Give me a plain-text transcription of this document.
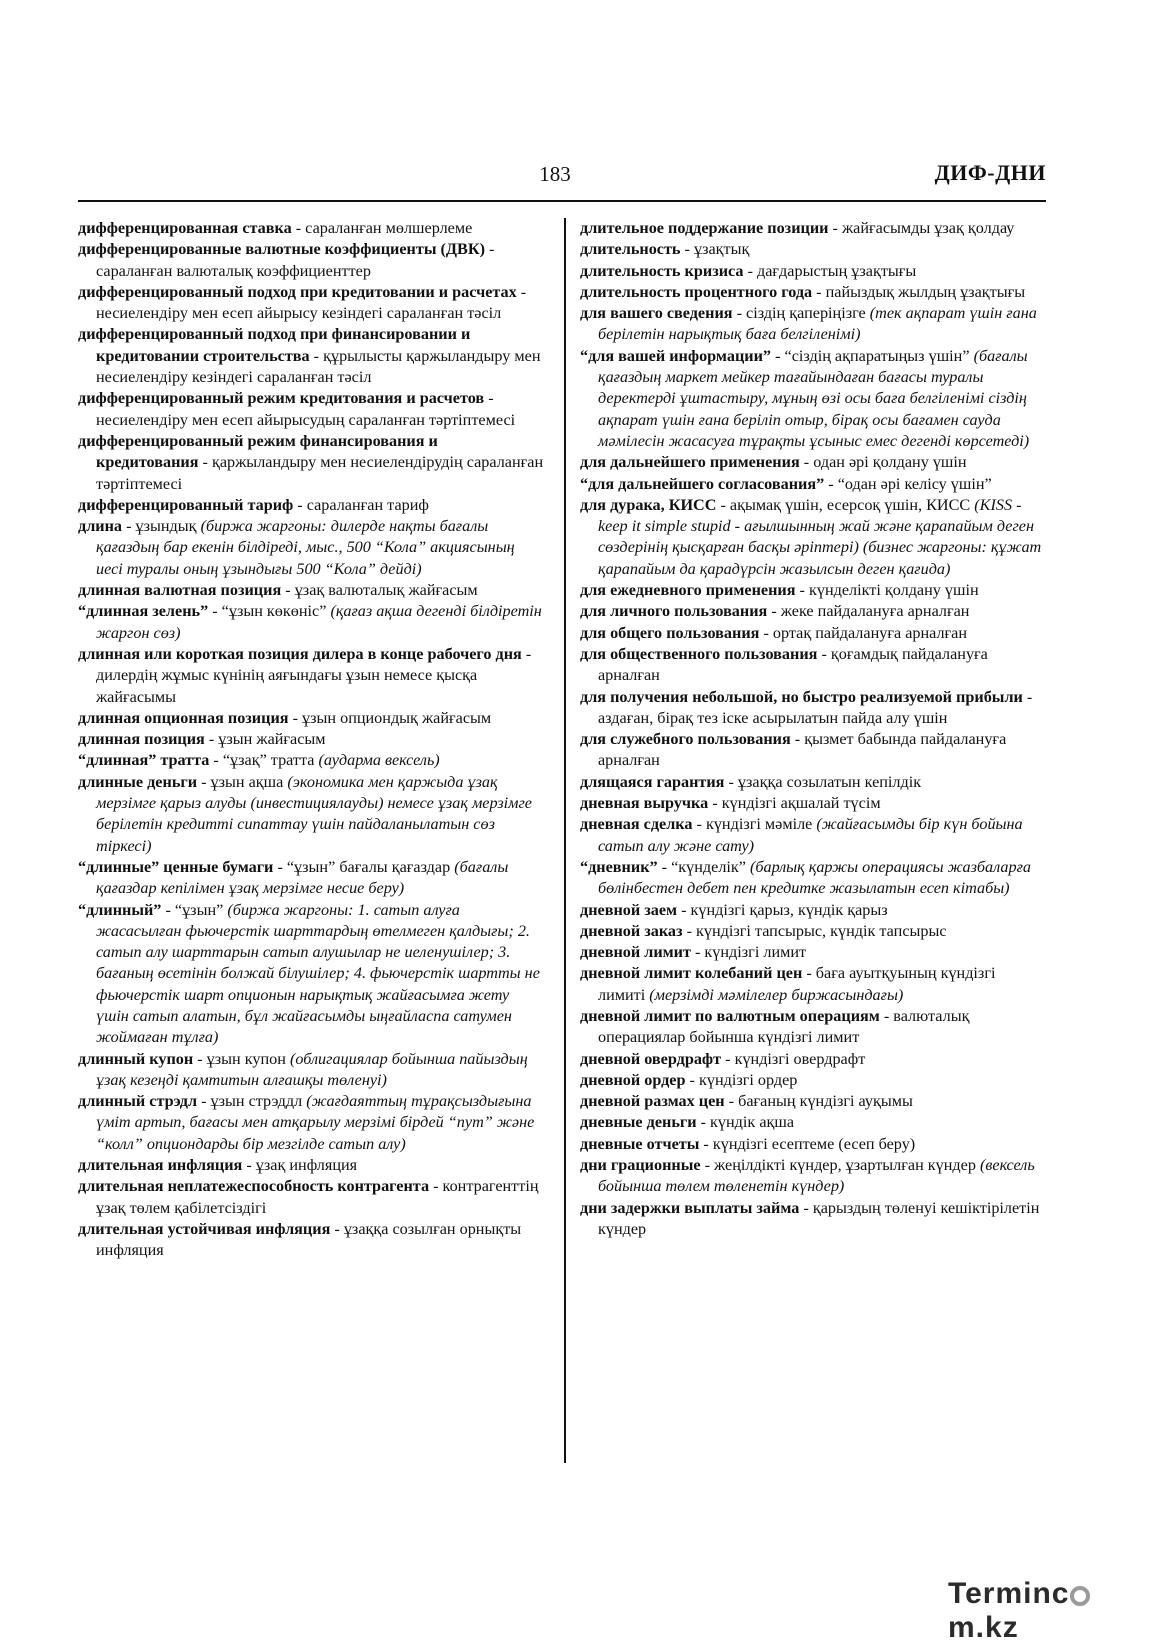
183	ДИФ-ДНИ

дифференцированная ставка - сараланған мөлшерлеме

дифференцированные валютные коэффициенты (ДВК) - сараланған валюталық коэффициенттер

дифференцированный подход при кредитовании и расчетах - несиелендіру мен есеп айырысу кезіндегі сараланған тәсіл

дифференцированный подход при финансировании и кредитовании строительства - құрылысты қаржыландыру мен несиелендіру кезіндегі сараланған тәсіл

дифференцированный режим кредитования и расчетов - несиелендіру мен есеп айырысудың сараланған тәртіптемесі

дифференцированный режим финансирования и кредитования - қаржыландыру мен несиелендірудің сараланған тәртіптемесі

дифференцированный тариф - сараланған тариф

длина - ұзындық (биржа жаргоны: дилерде нақты бағалы қағаздың бар екенін білдіреді, мыс., 500 “Кола” акциясының иесі туралы оның ұзындығы 500 “Кола” дейді)

длинная валютная позиция - ұзақ валюталық жайғасым

“длинная зелень” - “ұзын көкөніс” (қағаз ақша дегенді білдіретін жаргон сөз)

длинная или короткая позиция дилера в конце рабочего дня - дилердің жұмыс күнінің аяғындағы ұзын немесе қысқа жайғасымы

длинная опционная позиция - ұзын опциондық жайғасым

длинная позиция - ұзын жайғасым

“длинная” тратта - “ұзақ” тратта (аударма вексель)

длинные деньги - ұзын ақша (экономика мен қаржыда ұзақ мерзімге қарыз алуды (инвестициялауды) немесе ұзақ мерзімге берілетін кредитті сипаттау үшін пайдаланылатын сөз тіркесі)

“длинные” ценные бумаги - “ұзын” бағалы қағаздар (бағалы қағаздар кепілімен ұзақ мерзімге несие беру)

“длинный” - “ұзын” (биржа жаргоны: 1. сатып алуға жасасылған фьючерстік шарттардың өтелмеген қалдығы; 2. сатып алу шарттарын сатып алушылар не иеленушілер; 3. бағаның өсетінін болжай білушілер; 4. фьючерстік шартты не фьючерстік шарт опционын нарықтық жайғасымға жету үшін сатып алатын, бұл жайғасымды ыңғайласпа сатумен жоймаған тұлға)

длинный купон - ұзын купон (облигациялар бойынша пайыздың ұзақ кезеңді қамтитын алғашқы төленуі)

длинный стрэдл - ұзын стрэддл (жағдаяттың тұрақсыздығына үміт артып, бағасы мен атқарылу мерзімі бірдей “пут” және “колл” опциондарды бір мезгілде сатып алу)

длительная инфляция - ұзақ инфляция

длительная неплатежеспособность контрагента - контрагенттің ұзақ төлем қабілетсіздігі

длительная устойчивая инфляция - ұзаққа созылған орнықты инфляция

длительное поддержание позиции - жайғасымды ұзақ қолдау

длительность - ұзақтық

длительность кризиса - дағдарыстың ұзақтығы

длительность процентного года - пайыздық жылдың ұзақтығы

для вашего сведения - сіздің қаперіңізге (тек ақпарат үшін ғана берілетін нарықтық баға белгіленімі)

“для вашей информации” - “сіздің ақпаратыңыз үшін” (бағалы қағаздың маркет мейкер тағайындаған бағасы туралы деректерді ұштастыру, мұның өзі осы баға белгіленімі сіздің ақпарат үшін ғана беріліп отыр, бірақ осы бағамен сауда мәмілесін жасасуға тұрақты ұсыныс емес дегенді көрсетеді)

для дальнейшего применения - одан әрі қолдану үшін

“для дальнейшего согласования” - “одан әрі келісу үшін”

для дурака, КИСС - ақымақ үшін, есерсоқ үшін, КИСС (KISS - keep it simple stupid - ағылшынның жай және қарапайым деген сөздерінің қысқарған басқы әріптері) (бизнес жаргоны: құжат қарапайым да қарадүрсін жазылсын деген қағида)

для ежедневного применения - күнделікті қолдану үшін

для личного пользования - жеке пайдалануға арналған

для общего пользования - ортақ пайдалануға арналған

для общественного пользования - қоғамдық пайдалануға арналған

для получения небольшой, но быстро реализуемой прибыли - аздаған, бірақ тез іске асырылатын пайда алу үшін

для служебного пользования - қызмет бабында пайдалануға арналған

длящаяся гарантия - ұзаққа созылатын кепілдік

дневная выручка - күндізгі ақшалай түсім

дневная сделка - күндізгі мәміле (жайғасымды бір күн бойына сатып алу және сату)

“дневник” - “күнделік” (барлық қаржы операциясы жазбаларға бөлінбестен дебет пен кредитке жазылатын есеп кітабы)

дневной заем - күндізгі қарыз, күндік қарыз

дневной заказ - күндізгі тапсырыс, күндік тапсырыс

дневной лимит - күндізгі лимит

дневной лимит колебаний цен - баға ауытқуының күндізгі лимиті (мерзімді мәмілелер биржасындағы)

дневной лимит по валютным операциям - валюталық операциялар бойынша күндізгі лимит

дневной овердрафт - күндізгі овердрафт

дневной ордер - күндізгі ордер

дневной размах цен - бағаның күндізгі ауқымы

дневные деньги - күндік ақша

дневные отчеты - күндізгі есептеме (есеп беру)

дни грационные - жеңілдікті күндер, ұзартылған күндер (вексель бойынша төлем төленетін күндер)

дни задержки выплаты займа - қарыздың төленуі кешіктірілетін күндер

Termincm.kz
